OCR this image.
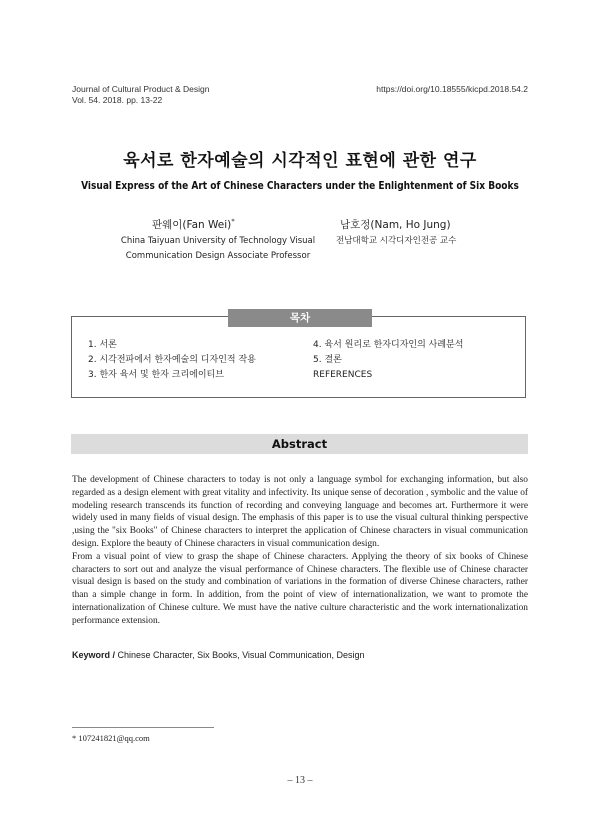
Journal of Cultural Product & Design
Vol. 54. 2018. pp. 13-22
https://doi.org/10.18555/kicpd.2018.54.2
육서로 한자예술의 시각적인 표현에 관한 연구
Visual Express of the Art of Chinese Characters under the Enlightenment of Six Books
판웨이(Fan Wei)*
China Taiyuan University of Technology Visual
Communication Design Associate Professor
남호정(Nam, Ho Jung)
전남대학교 시각디자인전공 교수
목차
1. 서론
2. 시각전파에서 한자예술의 디자인적 작용
3. 한자 육서 및 한자 크리에이티브
4. 육서 원리로 한자디자인의 사례분석
5. 결론
REFERENCES
Abstract

The development of Chinese characters to today is not only a language symbol for exchanging information, but also regarded as a design element with great vitality and infectivity. Its unique sense of decoration , symbolic and the value of modeling research transcends its function of recording and conveying language and becomes art. Furthermore it were widely used in many fields of visual design. The emphasis of this paper is to use the visual cultural thinking perspective ,using the "six Books" of Chinese characters to interpret the application of Chinese characters in visual communication design. Explore the beauty of Chinese characters in visual communication design.

From a visual point of view to grasp the shape of Chinese characters. Applying the theory of six books of Chinese characters to sort out and analyze the visual performance of Chinese characters. The flexible use of Chinese character visual design is based on the study and combination of variations in the formation of diverse Chinese characters, rather than a simple change in form. In addition, from the point of view of internationalization, we want to promote the internationalization of Chinese culture. We must have the native culture characteristic and the work internationalization performance extension.

Keyword / Chinese Character, Six Books, Visual Communication, Design
* 107241821@qq.com
– 13 –
